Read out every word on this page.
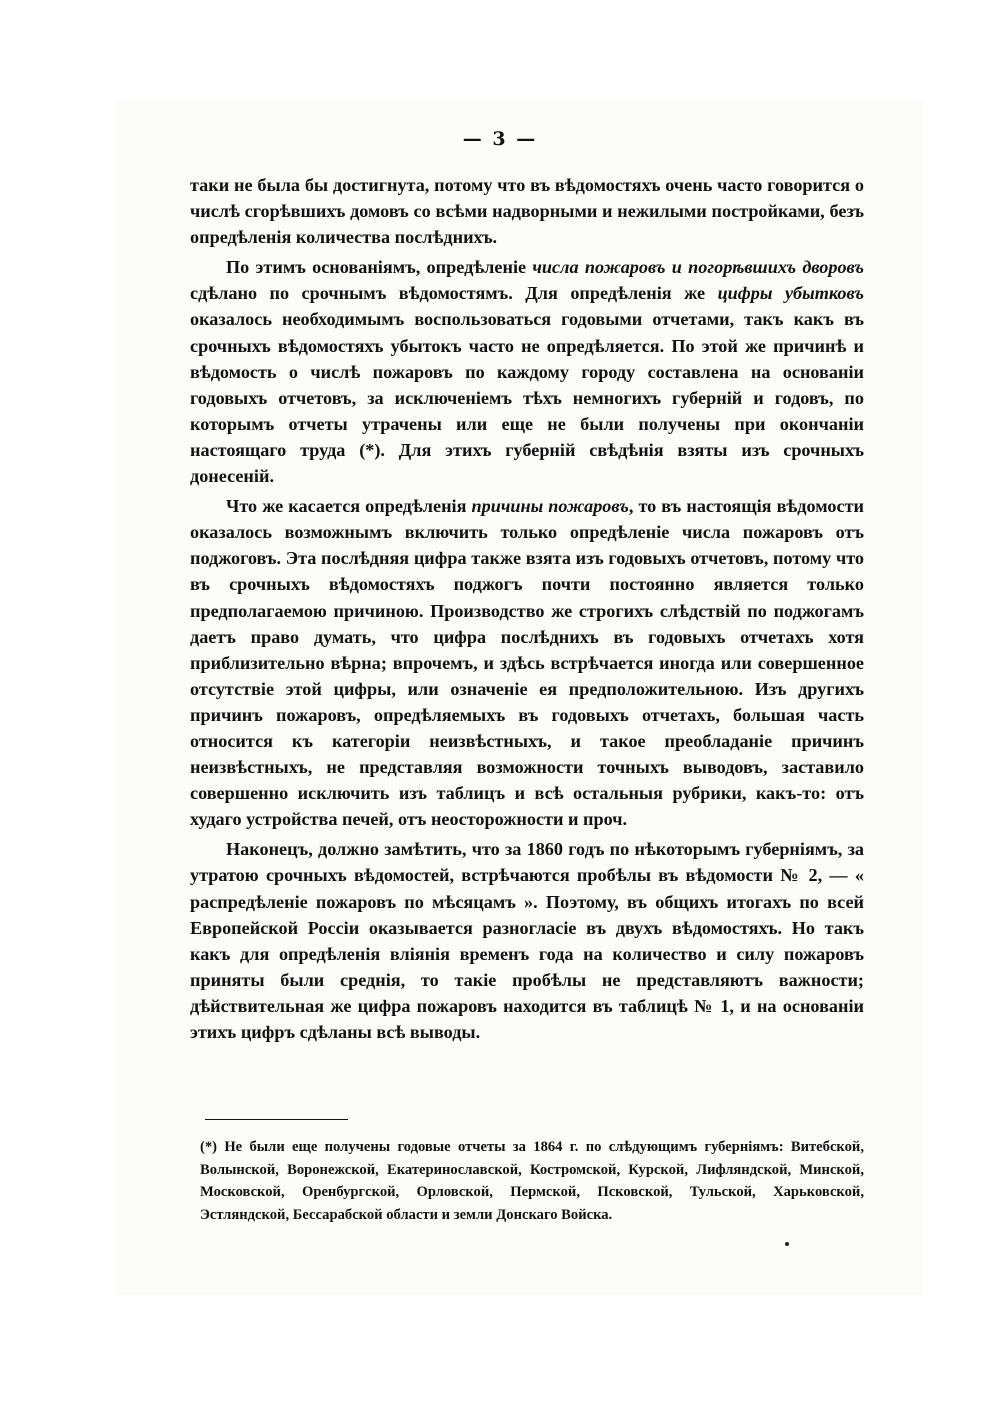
— 3 —

таки не была бы достигнута, потому что въ вѣдомостяхъ очень часто говорится о числѣ сгорѣвшихъ домовъ со всѣми надворными и нежилыми постройками, безъ опредѣленія количества послѣднихъ.

По этимъ основаніямъ, опредѣленіе числа пожаровъ и погорѣвшихъ дворовъ сдѣлано по срочнымъ вѣдомостямъ. Для опредѣленія же цифры убытковъ оказалось необходимымъ воспользоваться годовыми отчетами, такъ какъ въ срочныхъ вѣдомостяхъ убытокъ часто не опредѣляется. По этой же причинѣ и вѣдомость о числѣ пожаровъ по каждому городу составлена на основаніи годовыхъ отчетовъ, за исключеніемъ тѣхъ немногихъ губерній и годовъ, по которымъ отчеты утрачены или еще не были получены при окончаніи настоящаго труда (*). Для этихъ губерній свѣдѣнія взяты изъ срочныхъ донесеній.

Что же касается опредѣленія причины пожаровъ, то въ настоящія вѣдомости оказалось возможнымъ включить только опредѣленіе числа пожаровъ отъ поджоговъ. Эта послѣдняя цифра также взята изъ годовыхъ отчетовъ, потому что въ срочныхъ вѣдомостяхъ поджогъ почти постоянно является только предполагаемою причиною. Производство же строгихъ слѣдствій по поджогамъ даетъ право думать, что цифра послѣднихъ въ годовыхъ отчетахъ хотя приблизительно вѣрна; впрочемъ, и здѣсь встрѣчается иногда или совершенное отсутствіе этой цифры, или означеніе ея предположительною. Изъ другихъ причинъ пожаровъ, опредѣляемыхъ въ годовыхъ отчетахъ, большая часть относится къ категоріи неизвѣстныхъ, и такое преобладаніе причинъ неизвѣстныхъ, не представляя возможности точныхъ выводовъ, заставило совершенно исключить изъ таблицъ и всѣ остальныя рубрики, какъ-то: отъ худаго устройства печей, отъ неосторожности и проч.

Наконецъ, должно замѣтить, что за 1860 годъ по нѣкоторымъ губерніямъ, за утратою срочныхъ вѣдомостей, встрѣчаются пробѣлы въ вѣдомости № 2, — « распредѣленіе пожаровъ по мѣсяцамъ ». Поэтому, въ общихъ итогахъ по всей Европейской Россіи оказывается разногласіе въ двухъ вѣдомостяхъ. Но такъ какъ для опредѣленія вліянія временъ года на количество и силу пожаровъ приняты были среднія, то такіе пробѣлы не представляютъ важности; дѣйствительная же цифра пожаровъ находится въ таблицѣ № 1, и на основаніи этихъ цифръ сдѣланы всѣ выводы.

(*) Не были еще получены годовые отчеты за 1864 г. по слѣдующимъ губерніямъ: Витебской, Волынской, Воронежской, Екатеринославской, Костромской, Курской, Лифляндской, Минской, Московской, Оренбургской, Орловской, Пермской, Псковской, Тульской, Харьковской, Эстляндской, Бессарабской области и земли Донскаго Войска.
